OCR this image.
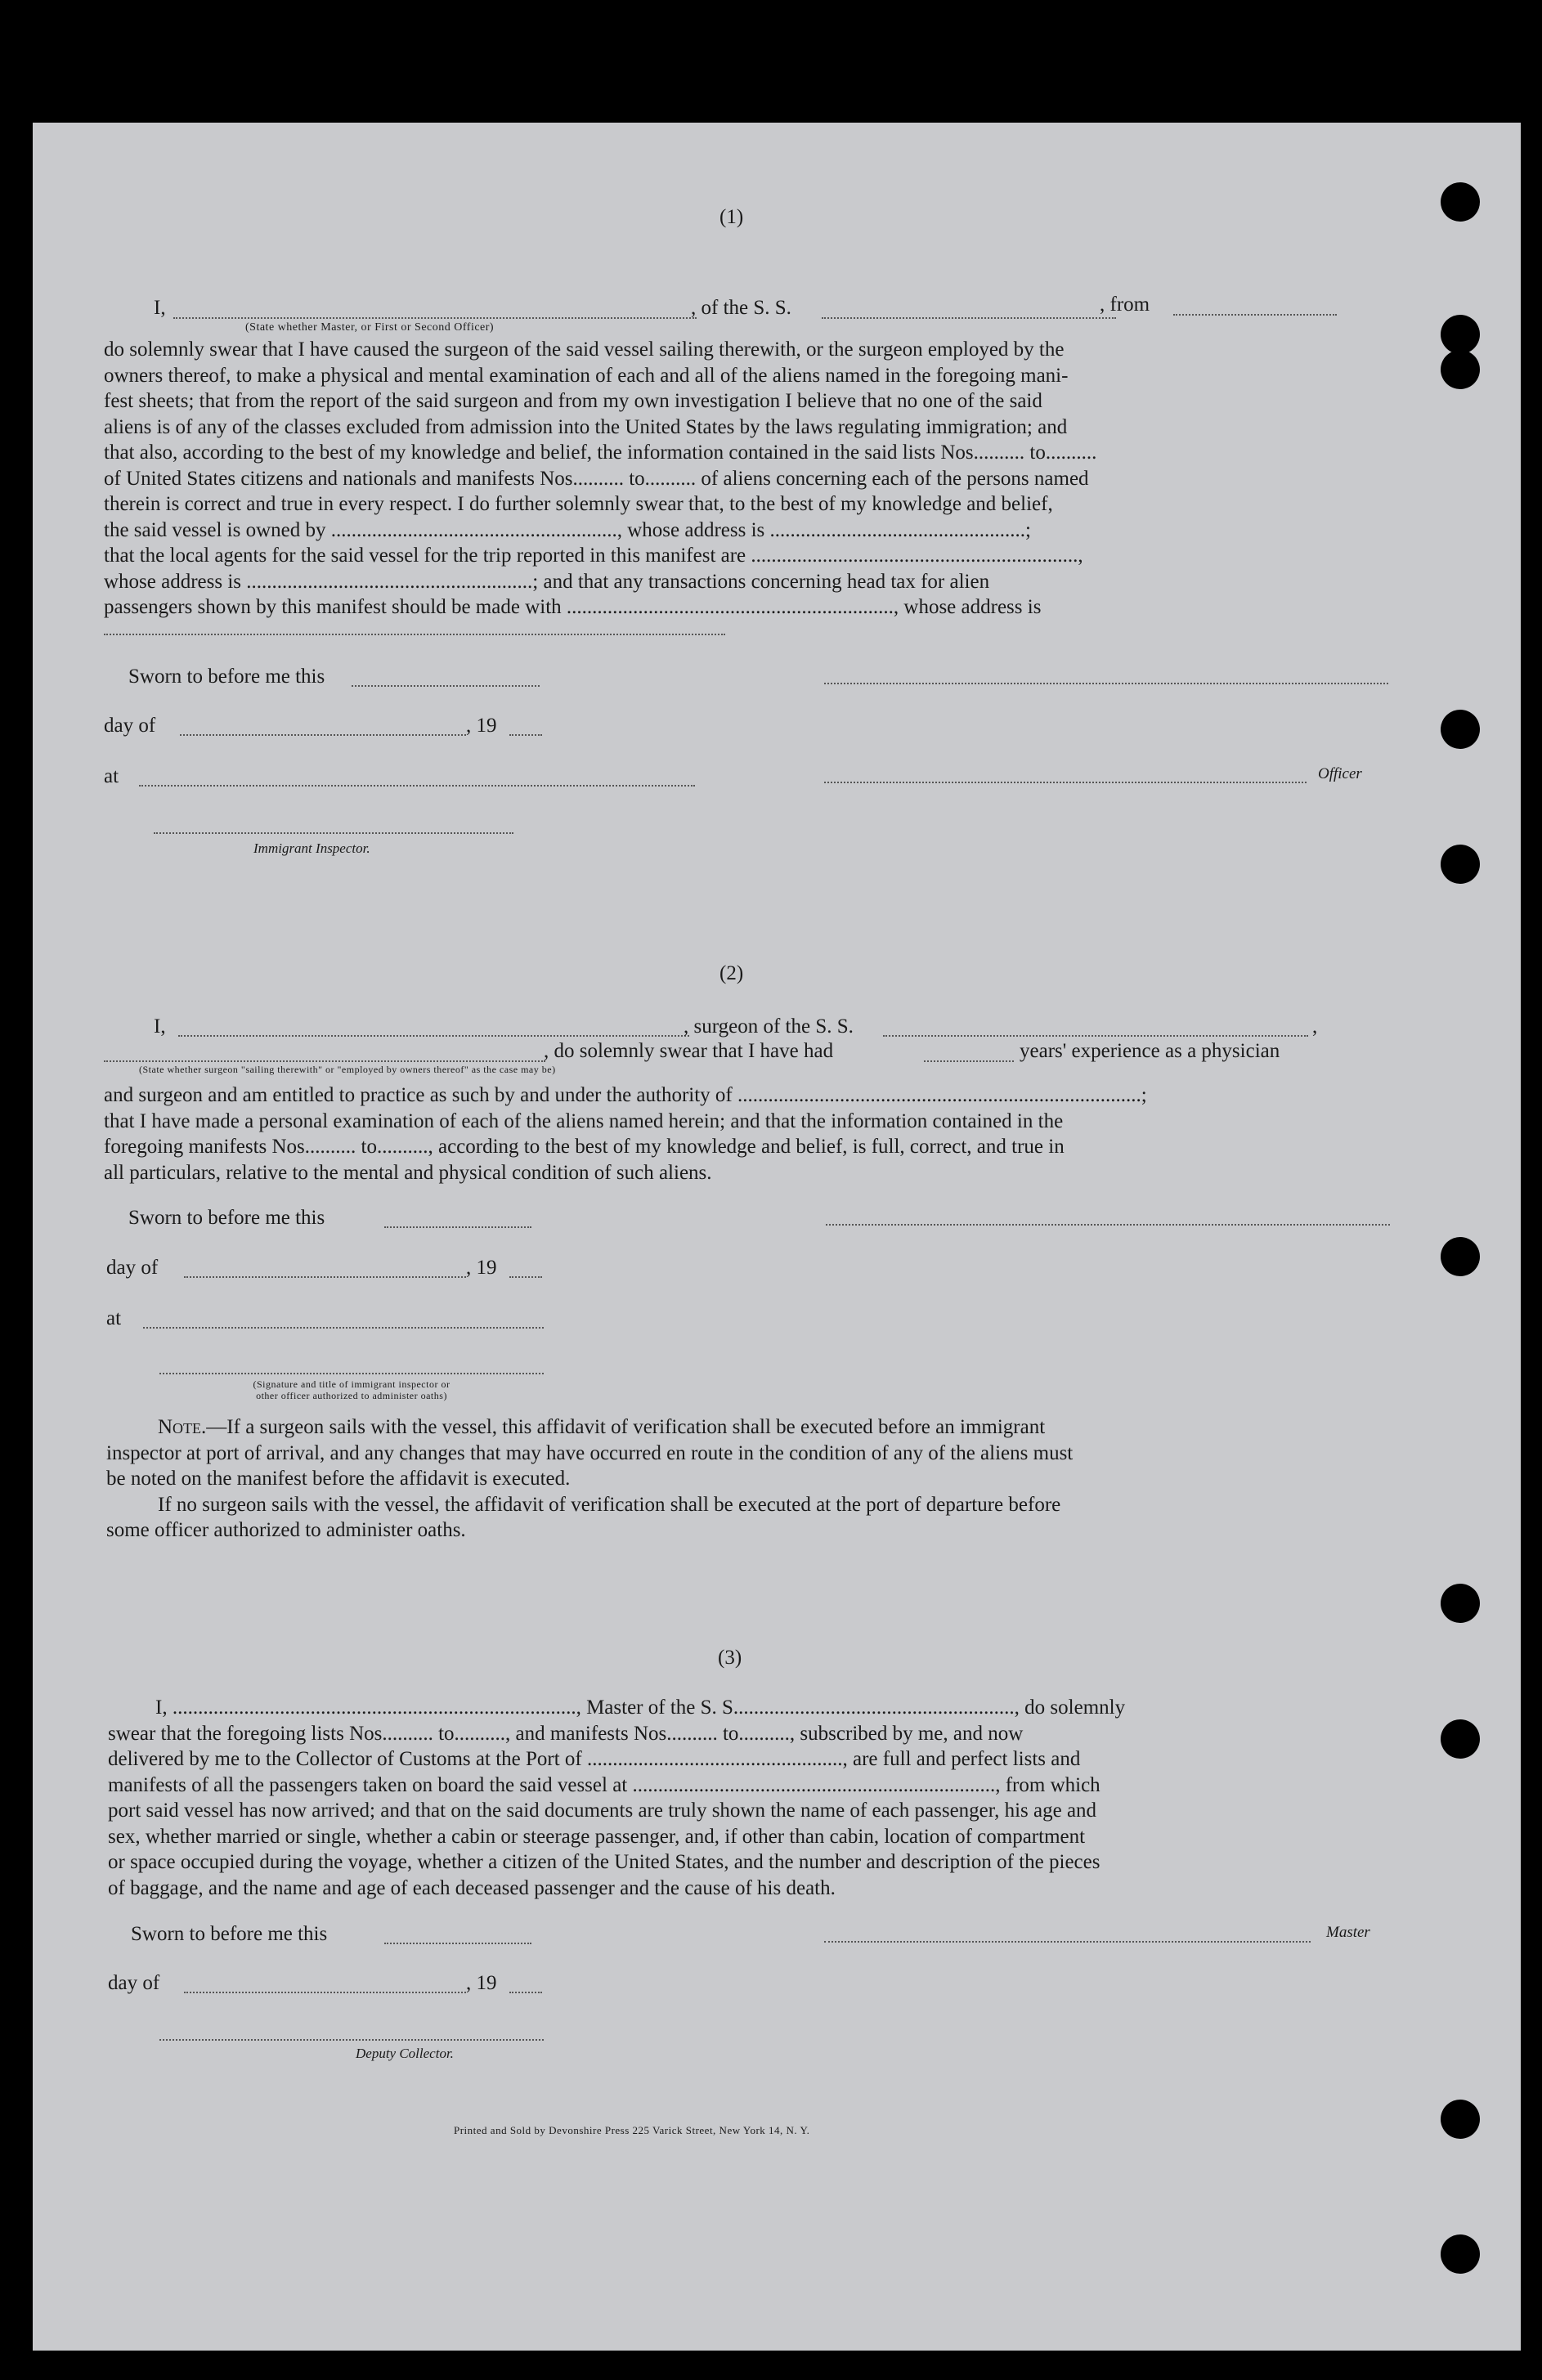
(1)
I,	, of the S. S.	, from
(State whether Master, or First or Second Officer)
do solemnly swear that I have caused the surgeon of the said vessel sailing therewith, or the surgeon employed by the
owners thereof, to make a physical and mental examination of each and all of the aliens named in the foregoing mani-
fest sheets; that from the report of the said surgeon and from my own investigation I believe that no one of the said
aliens is of any of the classes excluded from admission into the United States by the laws regulating immigration; and
that also, according to the best of my knowledge and belief, the information contained in the said lists Nos.......... to..........
of United States citizens and nationals and manifests Nos.......... to.......... of aliens concerning each of the persons named
therein is correct and true in every respect. I do further solemnly swear that, to the best of my knowledge and belief,
the said vessel is owned by ........................................................, whose address is ..................................................;
that the local agents for the said vessel for the trip reported in this manifest are ................................................................,
whose address is ........................................................; and that any transactions concerning head tax for alien
passengers shown by this manifest should be made with ................................................................, whose address is
Sworn to before me this
day of	, 19
at	Officer
Immigrant Inspector.
(2)
I,	, surgeon of the S. S.	,
, do solemnly swear that I have had	years' experience as a physician
(State whether surgeon "sailing therewith" or "employed by owners thereof" as the case may be)
and surgeon and am entitled to practice as such by and under the authority of ...............................................................................;
that I have made a personal examination of each of the aliens named herein; and that the information contained in the
foregoing manifests Nos.......... to.........., according to the best of my knowledge and belief, is full, correct, and true in
all particulars, relative to the mental and physical condition of such aliens.
Sworn to before me this
day of	, 19
at
(Signature and title of immigrant inspector or
other officer authorized to administer oaths)
Note.—If a surgeon sails with the vessel, this affidavit of verification shall be executed before an immigrant
inspector at port of arrival, and any changes that may have occurred en route in the condition of any of the aliens must
be noted on the manifest before the affidavit is executed.
If no surgeon sails with the vessel, the affidavit of verification shall be executed at the port of departure before
some officer authorized to administer oaths.
(3)
I, ..............................................................................., Master of the S. S......................................................., do solemnly
swear that the foregoing lists Nos.......... to.........., and manifests Nos.......... to.........., subscribed by me, and now
delivered by me to the Collector of Customs at the Port of .................................................., are full and perfect lists and
manifests of all the passengers taken on board the said vessel at ......................................................................., from which
port said vessel has now arrived; and that on the said documents are truly shown the name of each passenger, his age and
sex, whether married or single, whether a cabin or steerage passenger, and, if other than cabin, location of compartment
or space occupied during the voyage, whether a citizen of the United States, and the number and description of the pieces
of baggage, and the name and age of each deceased passenger and the cause of his death.
Sworn to before me this	Master
day of	, 19
Deputy Collector.
Printed and Sold by Devonshire Press 225 Varick Street, New York 14, N. Y.
